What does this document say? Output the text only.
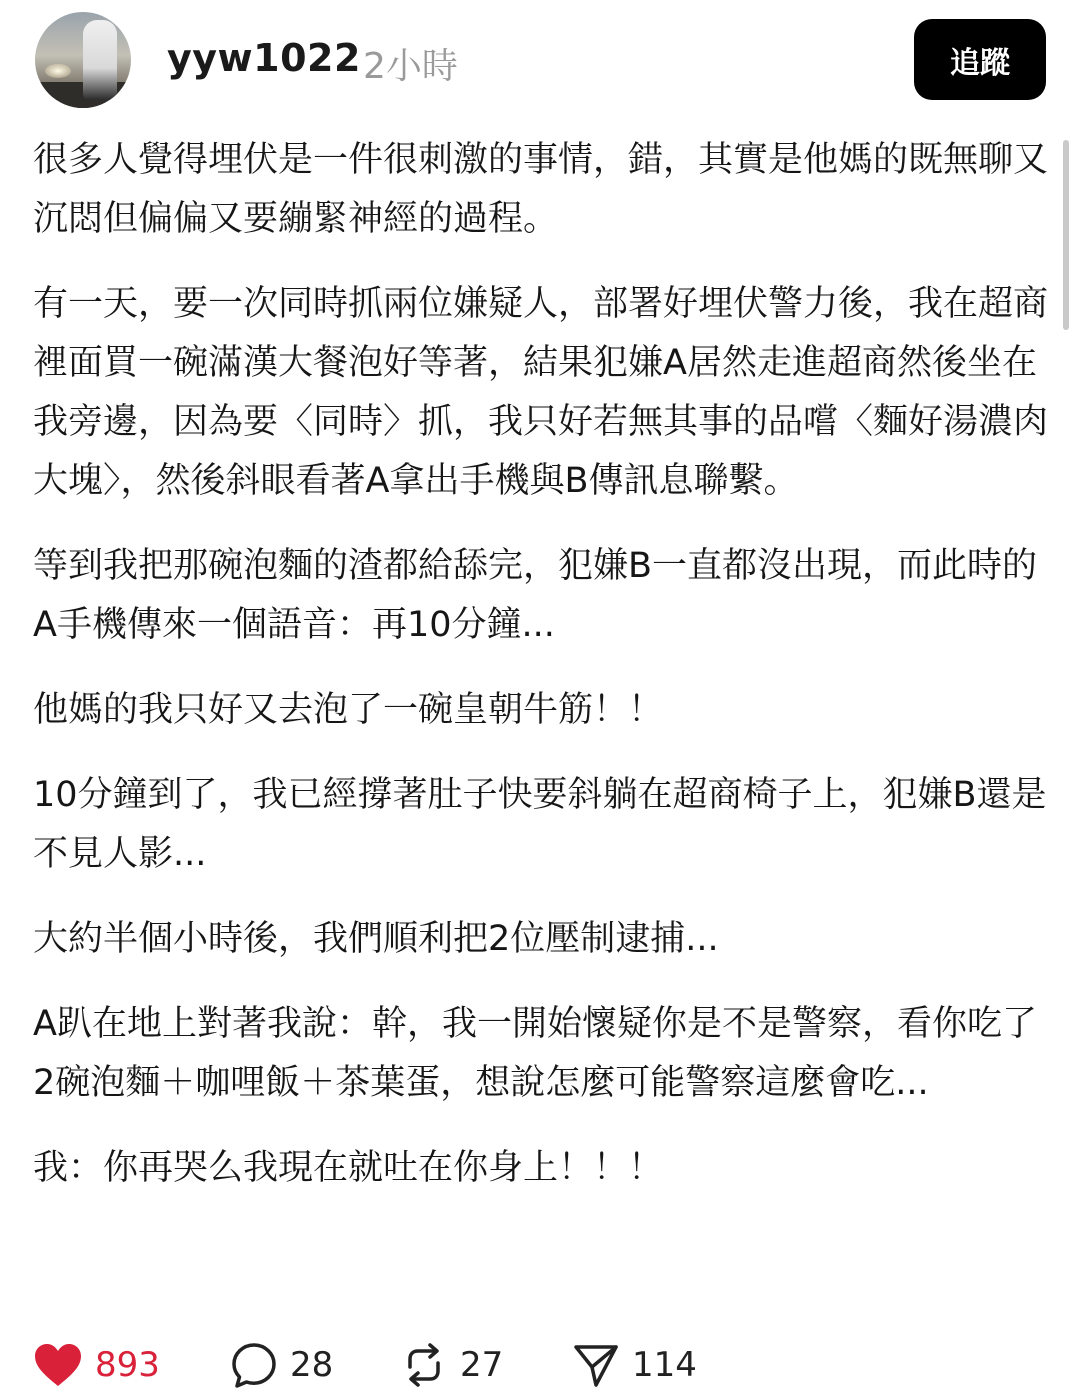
yyw1022 2小時	追蹤

很多人覺得埋伏是一件很刺激的事情，錯，其實是他媽的既無聊又沉悶但偏偏又要繃緊神經的過程。

有一天，要一次同時抓兩位嫌疑人，部署好埋伏警力後，我在超商裡面買一碗滿漢大餐泡好等著，結果犯嫌A居然走進超商然後坐在我旁邊，因為要〈同時〉抓，我只好若無其事的品嚐〈麵好湯濃肉大塊〉，然後斜眼看著A拿出手機與B傳訊息聯繫。

等到我把那碗泡麵的渣都給舔完，犯嫌B一直都沒出現，而此時的A手機傳來一個語音：再10分鐘...

他媽的我只好又去泡了一碗皇朝牛筋！！

10分鐘到了，我已經撐著肚子快要斜躺在超商椅子上，犯嫌B還是不見人影...

大約半個小時後，我們順利把2位壓制逮捕...

A趴在地上對著我說：幹，我一開始懷疑你是不是警察，看你吃了2碗泡麵＋咖哩飯＋茶葉蛋，想說怎麼可能警察這麼會吃...

我：你再哭么我現在就吐在你身上！！！

893	28	27	114
